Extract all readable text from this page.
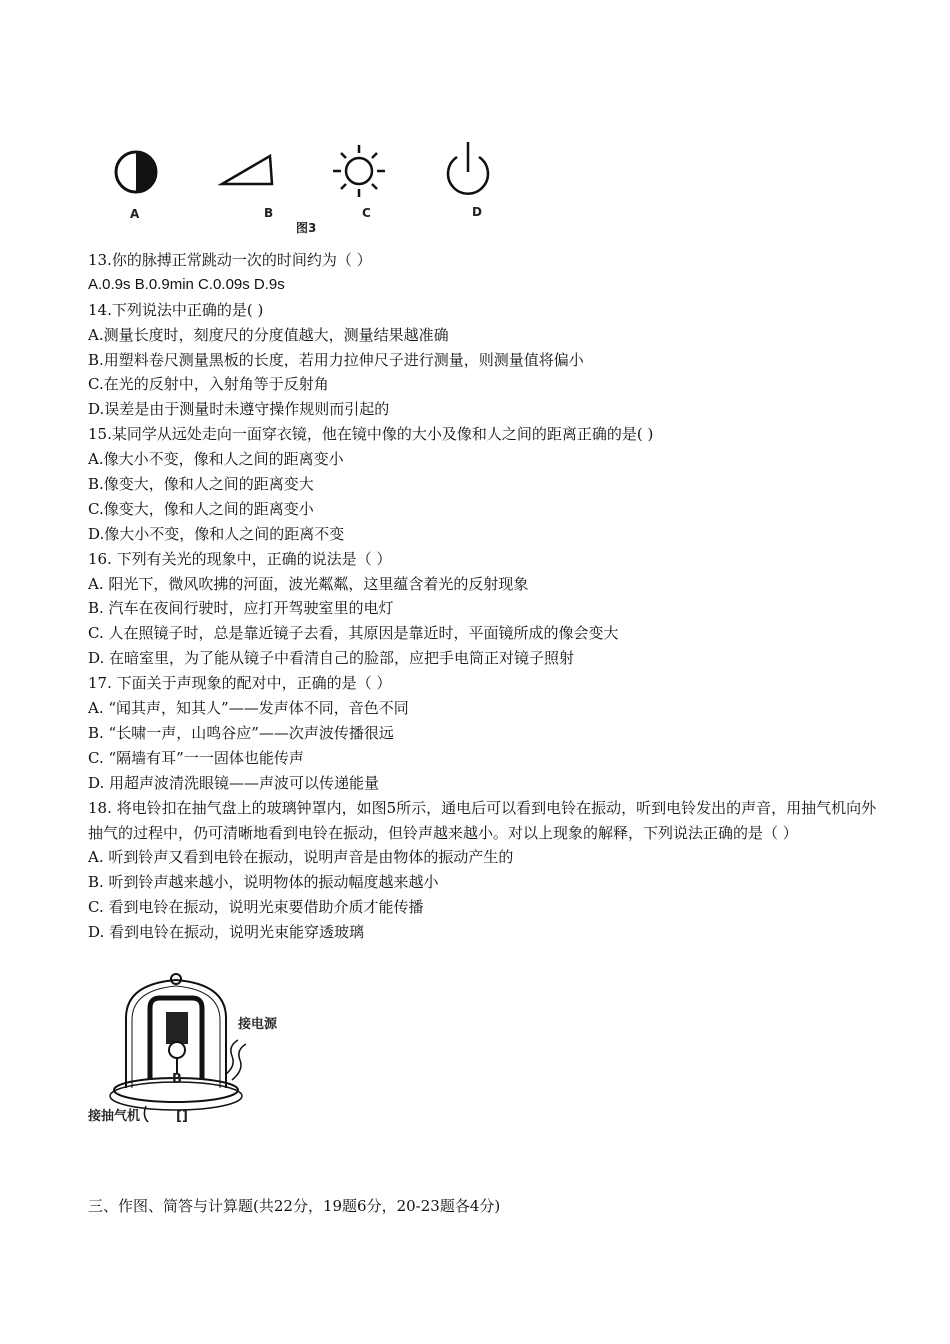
A	B	C	D
图3
13.你的脉搏正常跳动一次的时间约为（ ）
A.0.9s B.0.9min C.0.09s D.9s
14.下列说法中正确的是( )
A.测量长度时，刻度尺的分度值越大，测量结果越准确
B.用塑料卷尺测量黑板的长度，若用力拉伸尺子进行测量，则测量值将偏小
C.在光的反射中，入射角等于反射角
D.误差是由于测量时未遵守操作规则而引起的
15.某同学从远处走向一面穿衣镜，他在镜中像的大小及像和人之间的距离正确的是( )
A.像大小不变，像和人之间的距离变小
B.像变大，像和人之间的距离变大
C.像变大，像和人之间的距离变小
D.像大小不变，像和人之间的距离不变
16. 下列有关光的现象中，正确的说法是（ ）
A. 阳光下，微风吹拂的河面，波光粼粼，这里蕴含着光的反射现象
B. 汽车在夜间行驶时，应打开驾驶室里的电灯
C. 人在照镜子时，总是靠近镜子去看，其原因是靠近时，平面镜所成的像会变大
D. 在暗室里，为了能从镜子中看清自己的脸部，应把手电筒正对镜子照射
17. 下面关于声现象的配对中，正确的是（ ）
A. “闻其声，知其人”——发声体不同，音色不同
B. “长啸一声，山鸣谷应”——次声波传播很远
C. “隔墙有耳”一一固体也能传声
D. 用超声波清洗眼镜——声波可以传递能量
18. 将电铃扣在抽气盘上的玻璃钟罩内，如图5所示，通电后可以看到电铃在振动，听到电铃发出的声音，用抽气机向外抽气的过程中，仍可清晰地看到电铃在振动，但铃声越来越小。对以上现象的解释，下列说法正确的是（ ）
A. 听到铃声又看到电铃在振动，说明声音是由物体的振动产生的
B. 听到铃声越来越小，说明物体的振动幅度越来越小
C. 看到电铃在振动，说明光束要借助介质才能传播
D. 看到电铃在振动，说明光束能穿透玻璃
B
接电源
接抽气机	[]
三、作图、简答与计算题(共22分，19题6分，20-23题各4分)
